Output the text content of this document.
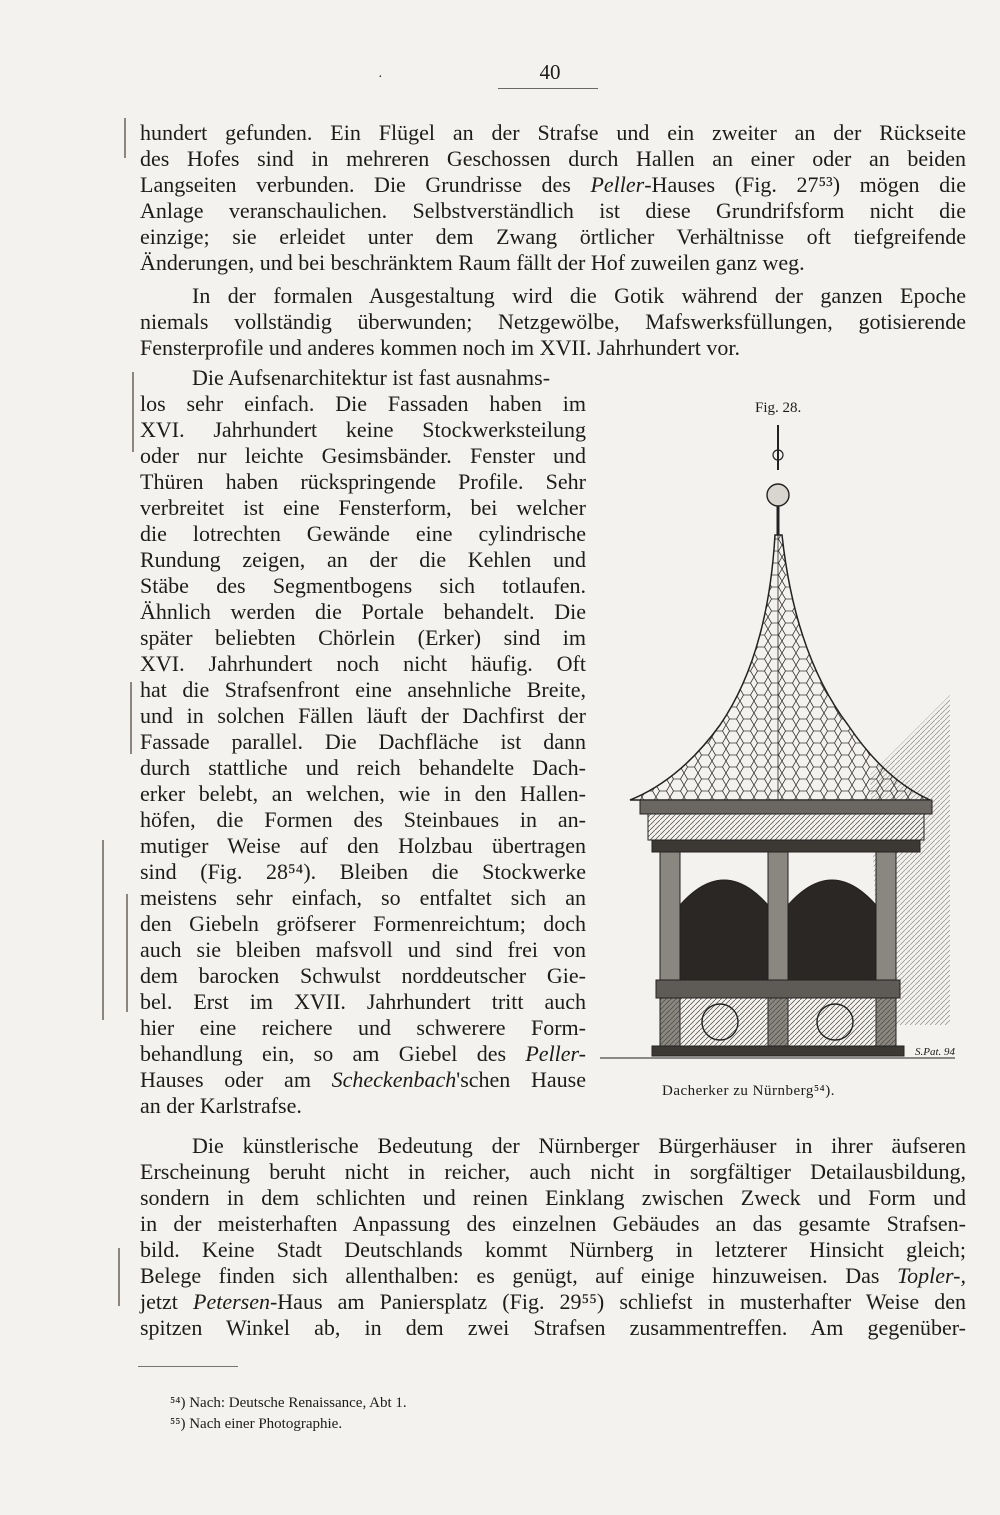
·	40
hundert gefunden. Ein Flügel an der Strafse und ein zweiter an der Rückseite
des Hofes sind in mehreren Geschossen durch Hallen an einer oder an beiden
Langseiten verbunden. Die Grundrisse des Peller-Hauses (Fig. 27⁵³) mögen die
Anlage veranschaulichen. Selbstverständlich ist diese Grundrifsform nicht die
einzige; sie erleidet unter dem Zwang örtlicher Verhältnisse oft tiefgreifende
Änderungen, und bei beschränktem Raum fällt der Hof zuweilen ganz weg.
In der formalen Ausgestaltung wird die Gotik während der ganzen Epoche
niemals vollständig überwunden; Netzgewölbe, Mafswerksfüllungen, gotisierende
Fensterprofile und anderes kommen noch im XVII. Jahrhundert vor.
Die Aufsenarchitektur ist fast ausnahms-
los sehr einfach. Die Fassaden haben im
XVI. Jahrhundert keine Stockwerksteilung
oder nur leichte Gesimsbänder. Fenster und
Thüren haben rückspringende Profile. Sehr
verbreitet ist eine Fensterform, bei welcher
die lotrechten Gewände eine cylindrische
Rundung zeigen, an der die Kehlen und
Stäbe des Segmentbogens sich totlaufen.
Ähnlich werden die Portale behandelt. Die
später beliebten Chörlein (Erker) sind im
XVI. Jahrhundert noch nicht häufig. Oft
hat die Strafsenfront eine ansehnliche Breite,
und in solchen Fällen läuft der Dachfirst der
Fassade parallel. Die Dachfläche ist dann
durch stattliche und reich behandelte Dach-
erker belebt, an welchen, wie in den Hallen-
höfen, die Formen des Steinbaues in an-
mutiger Weise auf den Holzbau übertragen
sind (Fig. 28⁵⁴). Bleiben die Stockwerke
meistens sehr einfach, so entfaltet sich an
den Giebeln gröfserer Formenreichtum; doch
auch sie bleiben mafsvoll und sind frei von
dem barocken Schwulst norddeutscher Gie-
bel. Erst im XVII. Jahrhundert tritt auch
hier eine reichere und schwerere Form-
behandlung ein, so am Giebel des Peller-
Hauses oder am Scheckenbach'schen Hause
an der Karlstrafse.
Fig. 28.
S.Pat. 94
Dacherker zu Nürnberg⁵⁴).
Die künstlerische Bedeutung der Nürnberger Bürgerhäuser in ihrer äufseren
Erscheinung beruht nicht in reicher, auch nicht in sorgfältiger Detailausbildung,
sondern in dem schlichten und reinen Einklang zwischen Zweck und Form und
in der meisterhaften Anpassung des einzelnen Gebäudes an das gesamte Strafsen-
bild. Keine Stadt Deutschlands kommt Nürnberg in letzterer Hinsicht gleich;
Belege finden sich allenthalben: es genügt, auf einige hinzuweisen. Das Topler-,
jetzt Petersen-Haus am Paniersplatz (Fig. 29⁵⁵) schliefst in musterhafter Weise den
spitzen Winkel ab, in dem zwei Strafsen zusammentreffen. Am gegenüber-
⁵⁴) Nach: Deutsche Renaissance, Abt 1.
⁵⁵) Nach einer Photographie.
